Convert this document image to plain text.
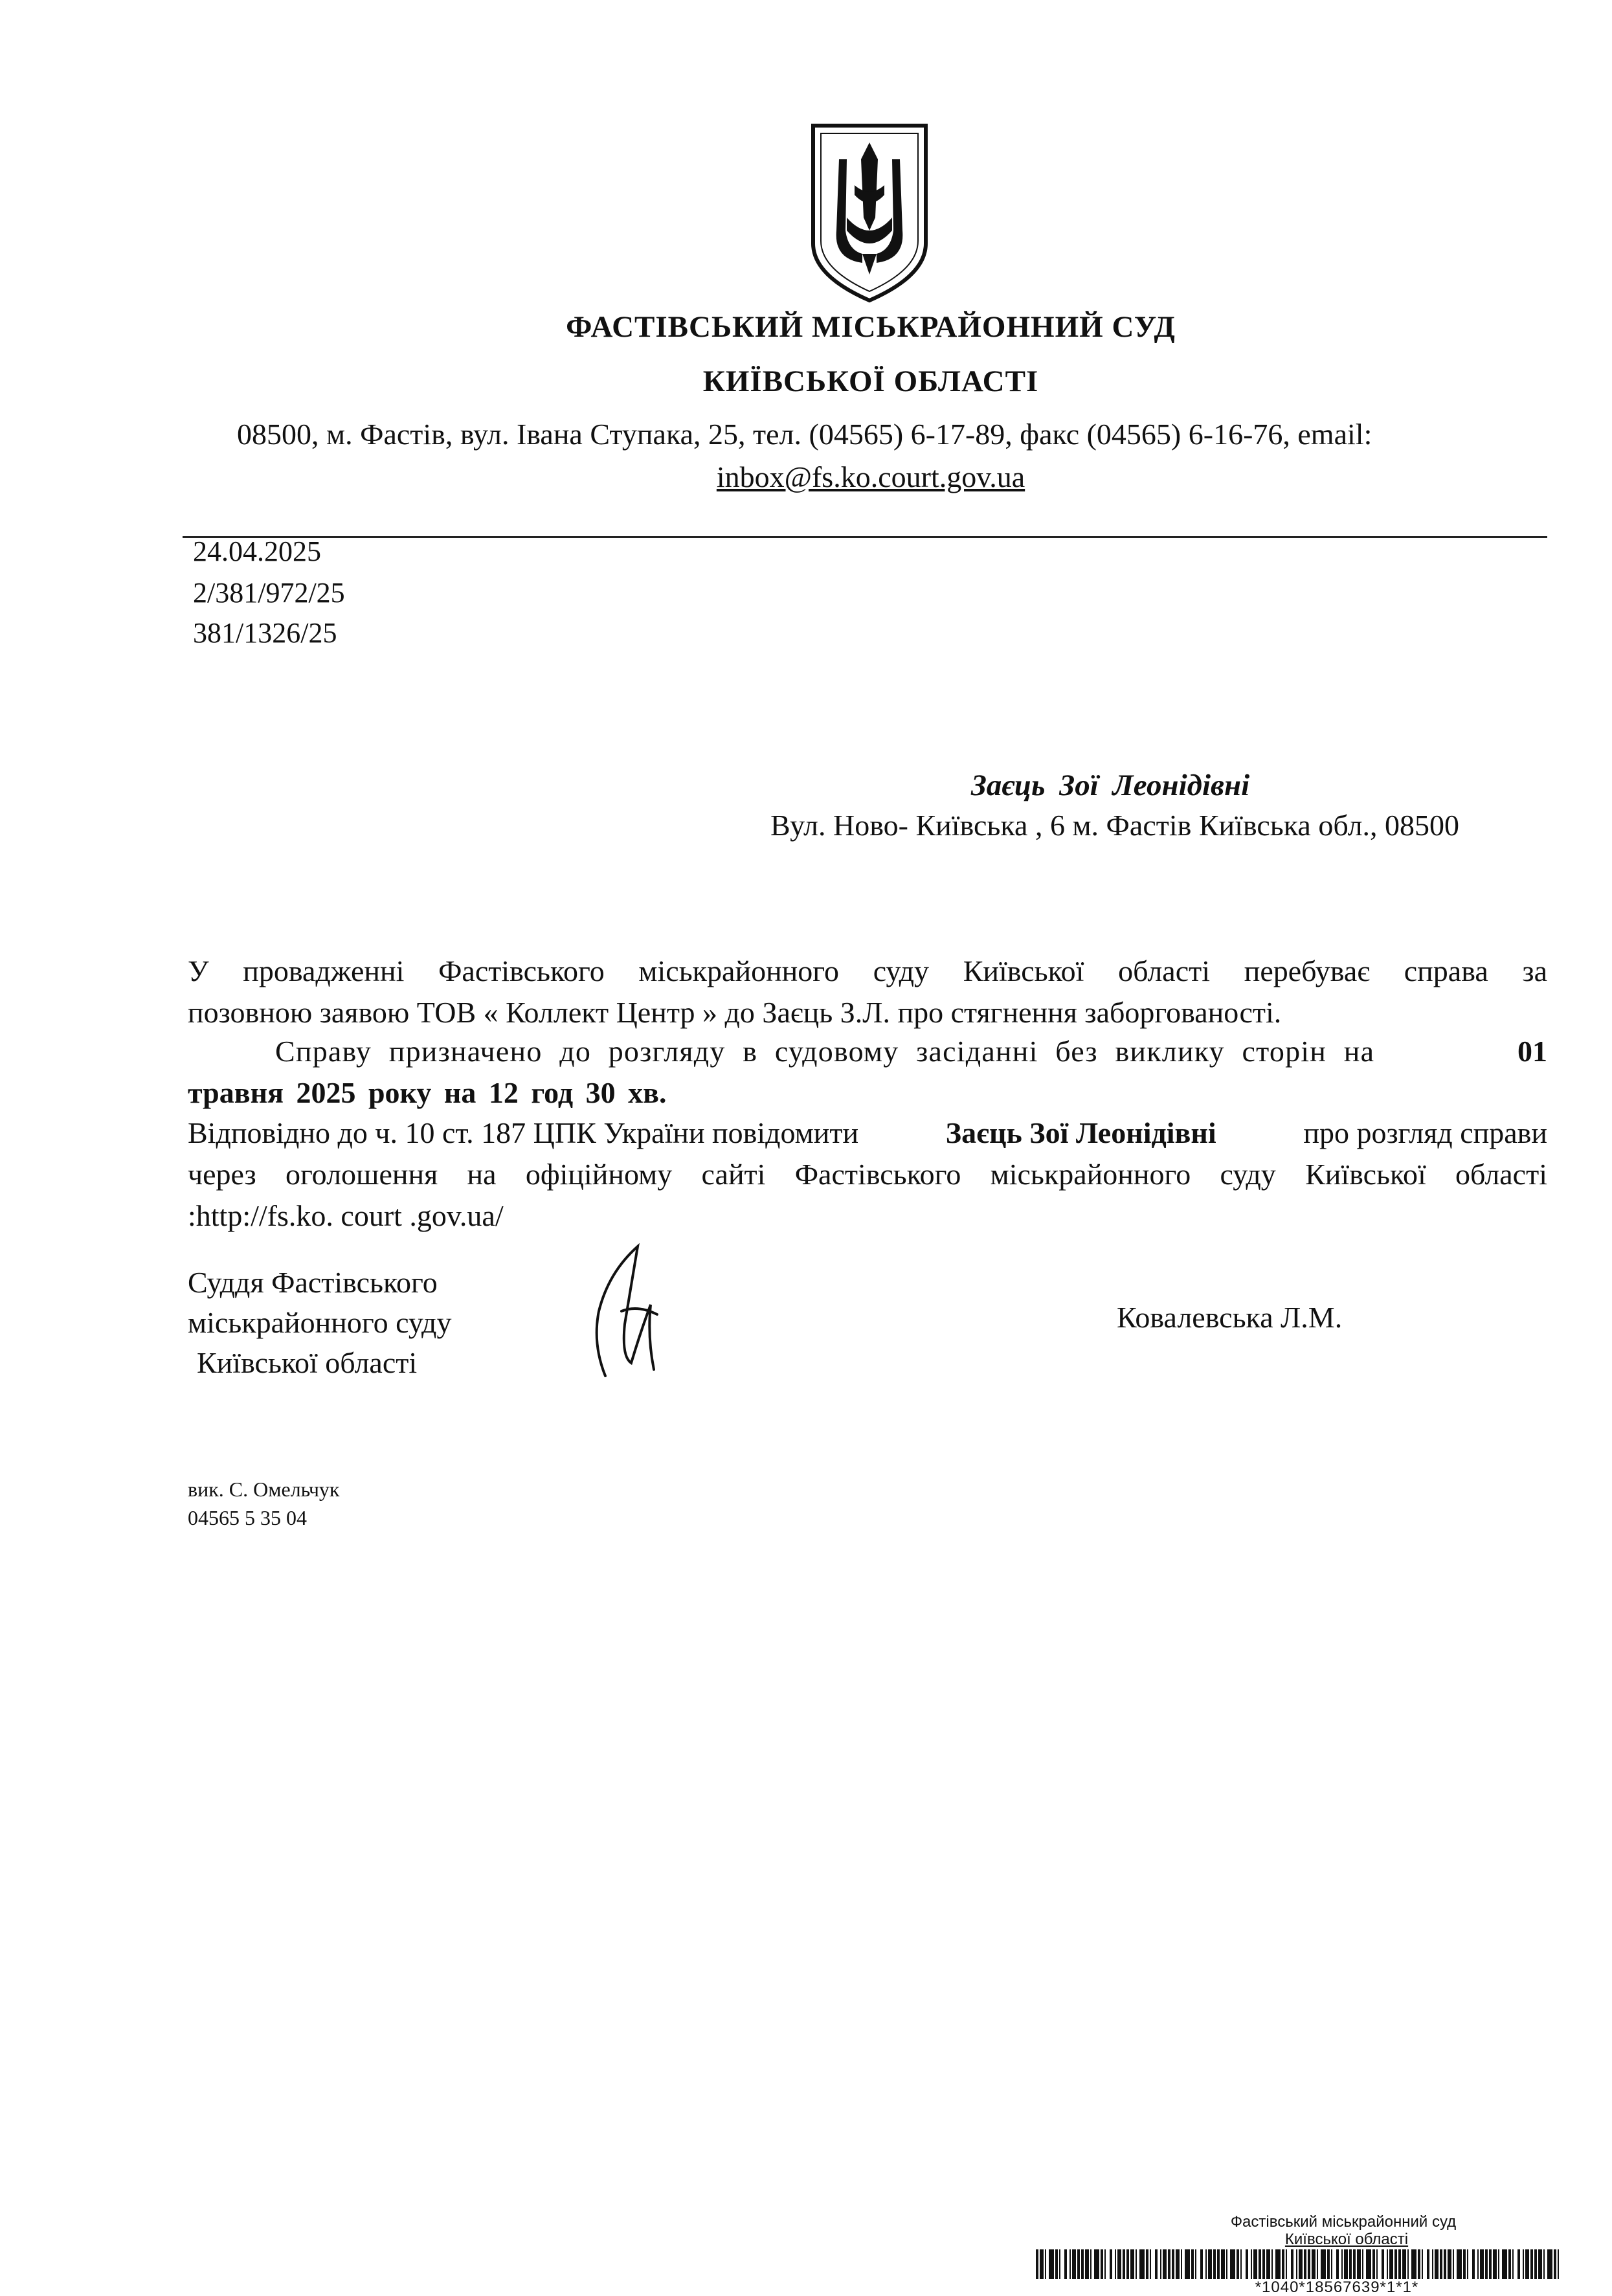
ФАСТІВСЬКИЙ МІСЬКРАЙОННИЙ СУД
КИЇВСЬКОЇ ОБЛАСТІ
08500, м. Фастів, вул. Івана Ступака, 25, тел. (04565) 6-17-89, факс (04565) 6-16-76, email:
inbox@fs.ko.court.gov.ua
24.04.2025
2/381/972/25
381/1326/25
Заєць Зої Леонідівні
Вул. Ново- Київська , 6 м. Фастів Київська обл., 08500
У провадженні Фастівського міськрайонного суду Київської області перебуває справа за
позовною заявою ТОВ « Коллект Центр » до Заєць З.Л. про стягнення заборгованості.
Справу призначено до розгляду в судовому засіданні без виклику сторін на	01
травня 2025 року на 12 год 30 хв.
Відповідно до ч. 10 ст. 187 ЦПК України повідомити	Заєць Зої Леонідівні	про розгляд справи
через оголошення на офіційному сайті Фастівського міськрайонного суду Київської області
:http://fs.ko. court .gov.ua/
Суддя Фастівського
міськрайонного суду
Київської області
Ковалевська Л.М.
вик. С. Омельчук
04565 5 35 04
Фастівський міськрайонний суд
Київської області
*1040*18567639*1*1*
